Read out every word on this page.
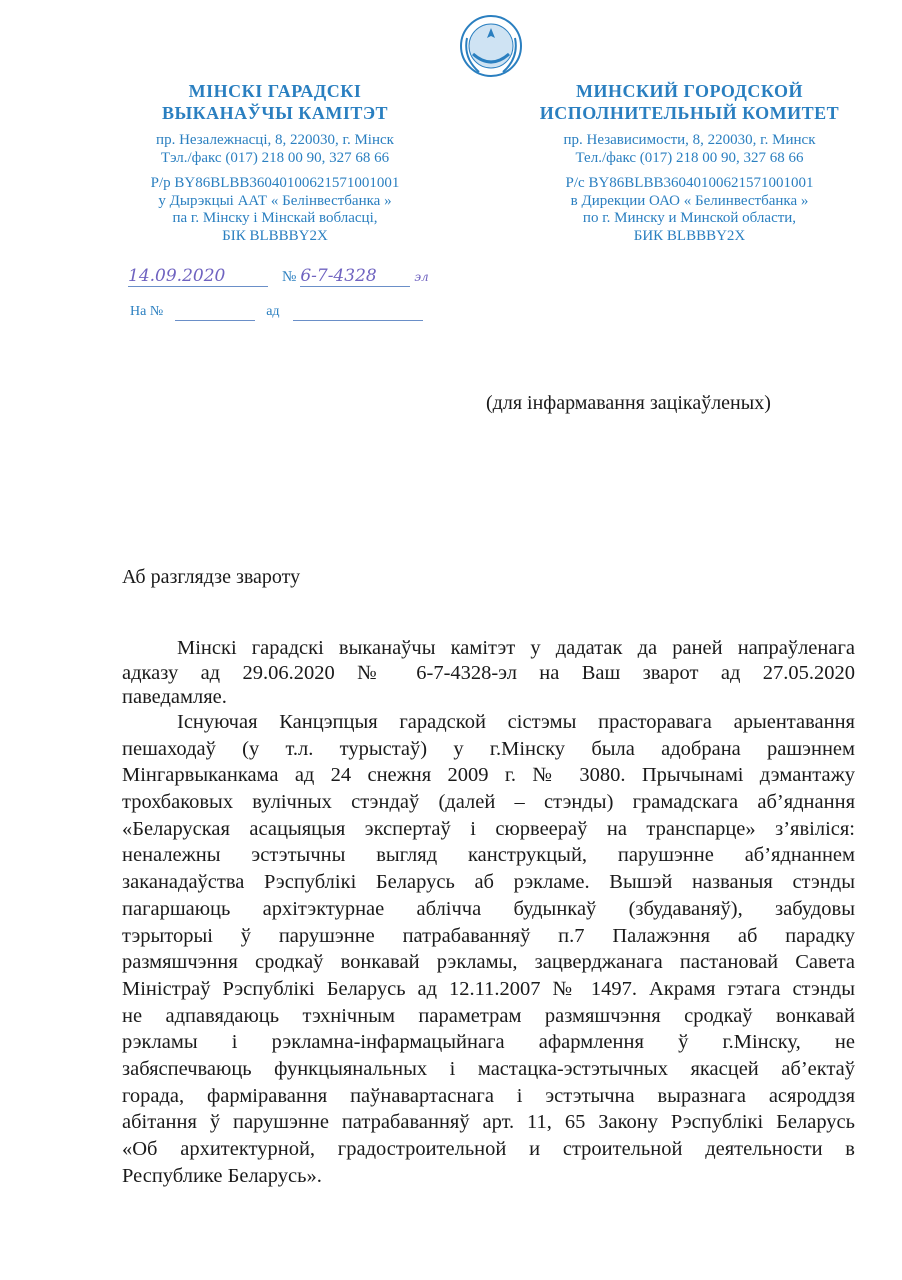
МІНСКІ ГАРАДСКІ
ВЫКАНАЎЧЫ КАМІТЭТ
пр. Незалежнасці, 8, 220030, г. Мінск
Тэл./факс (017) 218 00 90, 327 68 66
Р/р BY86BLBB36040100621571001001
у Дырэкцыі ААТ « Белінвестбанка »
па г. Мінску і Мінскай вобласці,
БІК BLBBBY2X
МИНСКИЙ ГОРОДСКОЙ
ИСПОЛНИТЕЛЬНЫЙ КОМИТЕТ
пр. Независимости, 8, 220030, г. Минск
Тел./факс (017) 218 00 90, 327 68 66
Р/с BY86BLBB36040100621571001001
в Дирекции ОАО « Белинвестбанка »
по г. Минску и Минской области,
БИК BLBBBY2X
14.09.2020	№ 6-7-4328	эл
На №	ад
(для інфармавання зацікаўленых)
Аб разглядзе звароту
Мінскі гарадскі выканаўчы камітэт у дадатак да раней напраўленага
адказу ад 29.06.2020 № 6-7-4328-эл на Ваш зварот ад 27.05.2020
паведамляе.
Існуючая Канцэпцыя гарадской сістэмы прасторавага арыентавання
пешаходаў (у т.л. турыстаў) у г.Мінску была адобрана рашэннем
Мінгарвыканкама ад 24 снежня 2009 г. № 3080. Прычынамі дэмантажу
трохбаковых вулічных стэндаў (далей – стэнды) грамадскага аб’яднання
«Беларуская асацыяцыя экспертаў і сюрвеераў на транспарце» з’явіліся:
неналежны эстэтычны выгляд канструкцый, парушэнне аб’яднаннем
заканадаўства Рэспублікі Беларусь аб рэкламе. Вышэй названыя стэнды
пагаршаюць архітэктурнае аблічча будынкаў (збудаваняў), забудовы
тэрыторыі ў парушэнне патрабаванняў п.7 Палажэння аб парадку
размяшчэння сродкаў вонкавай рэкламы, зацверджанага пастановай Савета
Міністраў Рэспублікі Беларусь ад 12.11.2007 № 1497. Акрамя гэтага стэнды
не адпавядаюць тэхнічным параметрам размяшчэння сродкаў вонкавай
рэкламы і рэкламна-інфармацыйнага афармлення ў г.Мінску, не
забяспечваюць функцыянальных і мастацка-эстэтычных якасцей аб’ектаў
горада, фарміравання паўнавартаснага і эстэтычна выразнага асяроддзя
абітання ў парушэнне патрабаванняў арт. 11, 65 Закону Рэспублікі Беларусь
«Об архитектурной, градостроительной и строительной деятельности в
Республике Беларусь».
